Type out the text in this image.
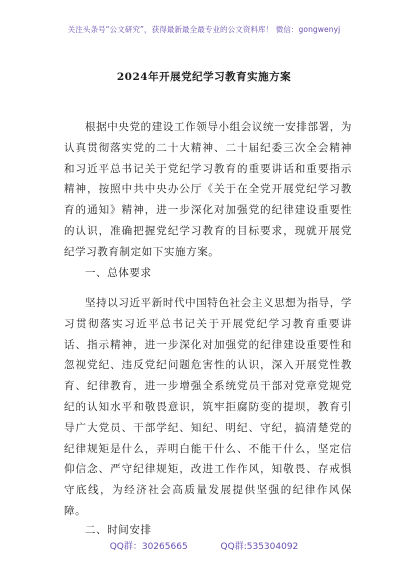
关注头条号“公文研究”，获得最新最全最专业的公文资料库！ 微信：gongwenyj
2024年开展党纪学习教育实施方案

根据中央党的建设工作领导小组会议统一安排部署，为认真贯彻落实党的二十大精神、二十届纪委三次全会精神和习近平总书记关于党纪学习教育的重要讲话和重要指示精神，按照中共中央办公厅《关于在全党开展党纪学习教育的通知》精神，进一步深化对加强党的纪律建设重要性的认识，准确把握党纪学习教育的目标要求，现就开展党纪学习教育制定如下实施方案。

一、总体要求

坚持以习近平新时代中国特色社会主义思想为指导，学习贯彻落实习近平总书记关于开展党纪学习教育重要讲话、指示精神，进一步深化对加强党的纪律建设重要性和忽视党纪、违反党纪问题危害性的认识，深入开展党性教育、纪律教育，进一步增强全系统党员干部对党章党规党纪的认知水平和敬畏意识，筑牢拒腐防变的提坝，教育引导广大党员、干部学纪、知纪、明纪、守纪，搞清楚党的纪律规矩是什么，弄明白能干什么、不能干什么，坚定信仰信念、严守纪律规矩，改进工作作风，知敬畏、存戒惧守底线，为经济社会高质量发展提供坚强的纪律作风保障。

二、时间安排

QQ群：30265665	QQ群:535304092
